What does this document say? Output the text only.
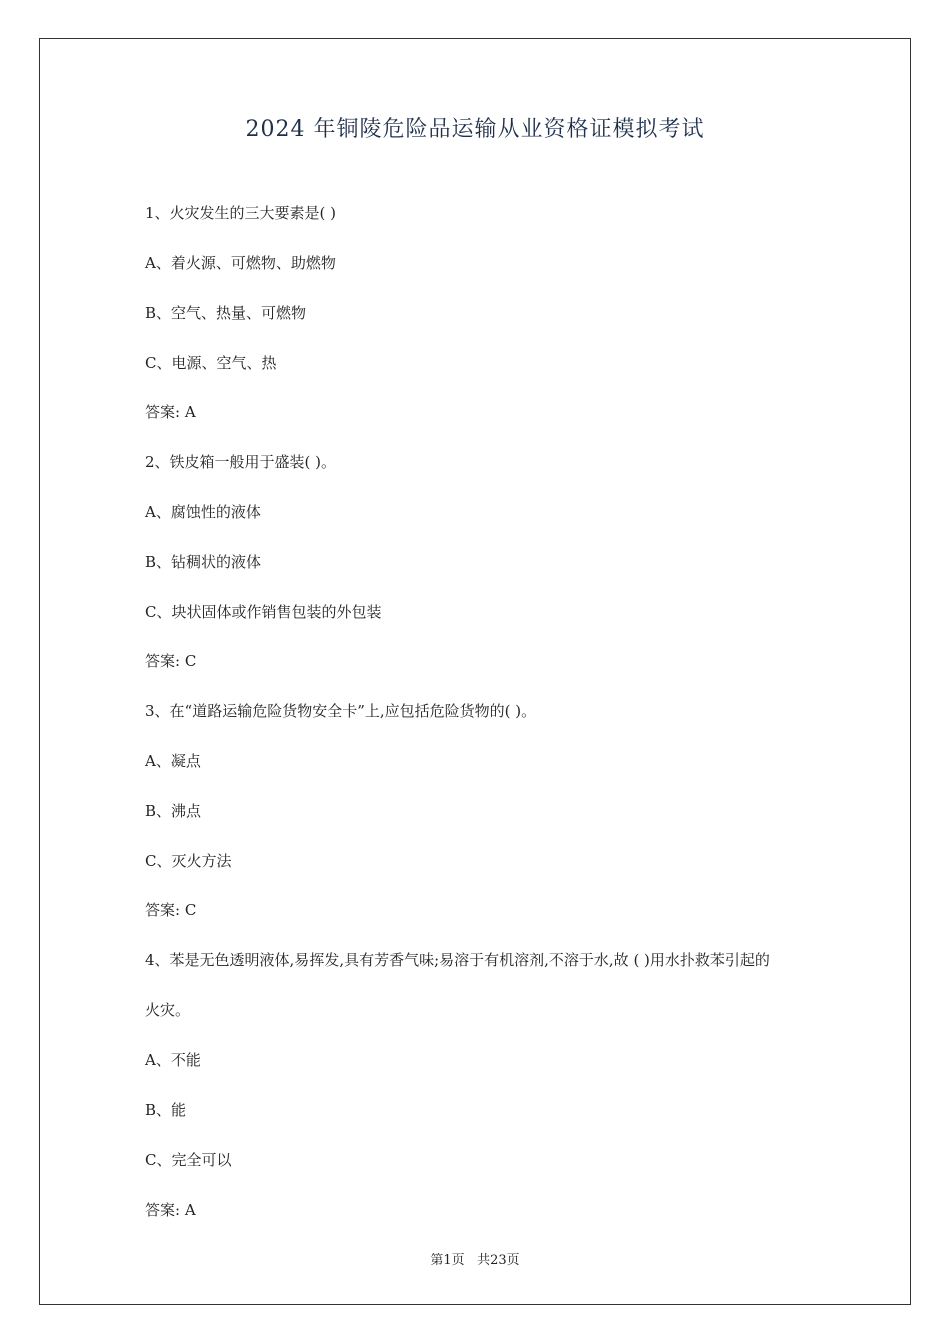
2024 年铜陵危险品运输从业资格证模拟考试
1、火灾发生的三大要素是( )
A、着火源、可燃物、助燃物
B、空气、热量、可燃物
C、电源、空气、热
答案: A
2、铁皮箱一般用于盛装( )。
A、腐蚀性的液体
B、钻稠状的液体
C、块状固体或作销售包装的外包装
答案: C
3、在“道路运输危险货物安全卡”上,应包括危险货物的( )。
A、凝点
B、沸点
C、灭火方法
答案: C
4、苯是无色透明液体,易挥发,具有芳香气味;易溶于有机溶剂,不溶于水,故 ( )用水扑救苯引起的
火灾。
A、不能
B、能
C、完全可以
答案: A
第1页 共23页
